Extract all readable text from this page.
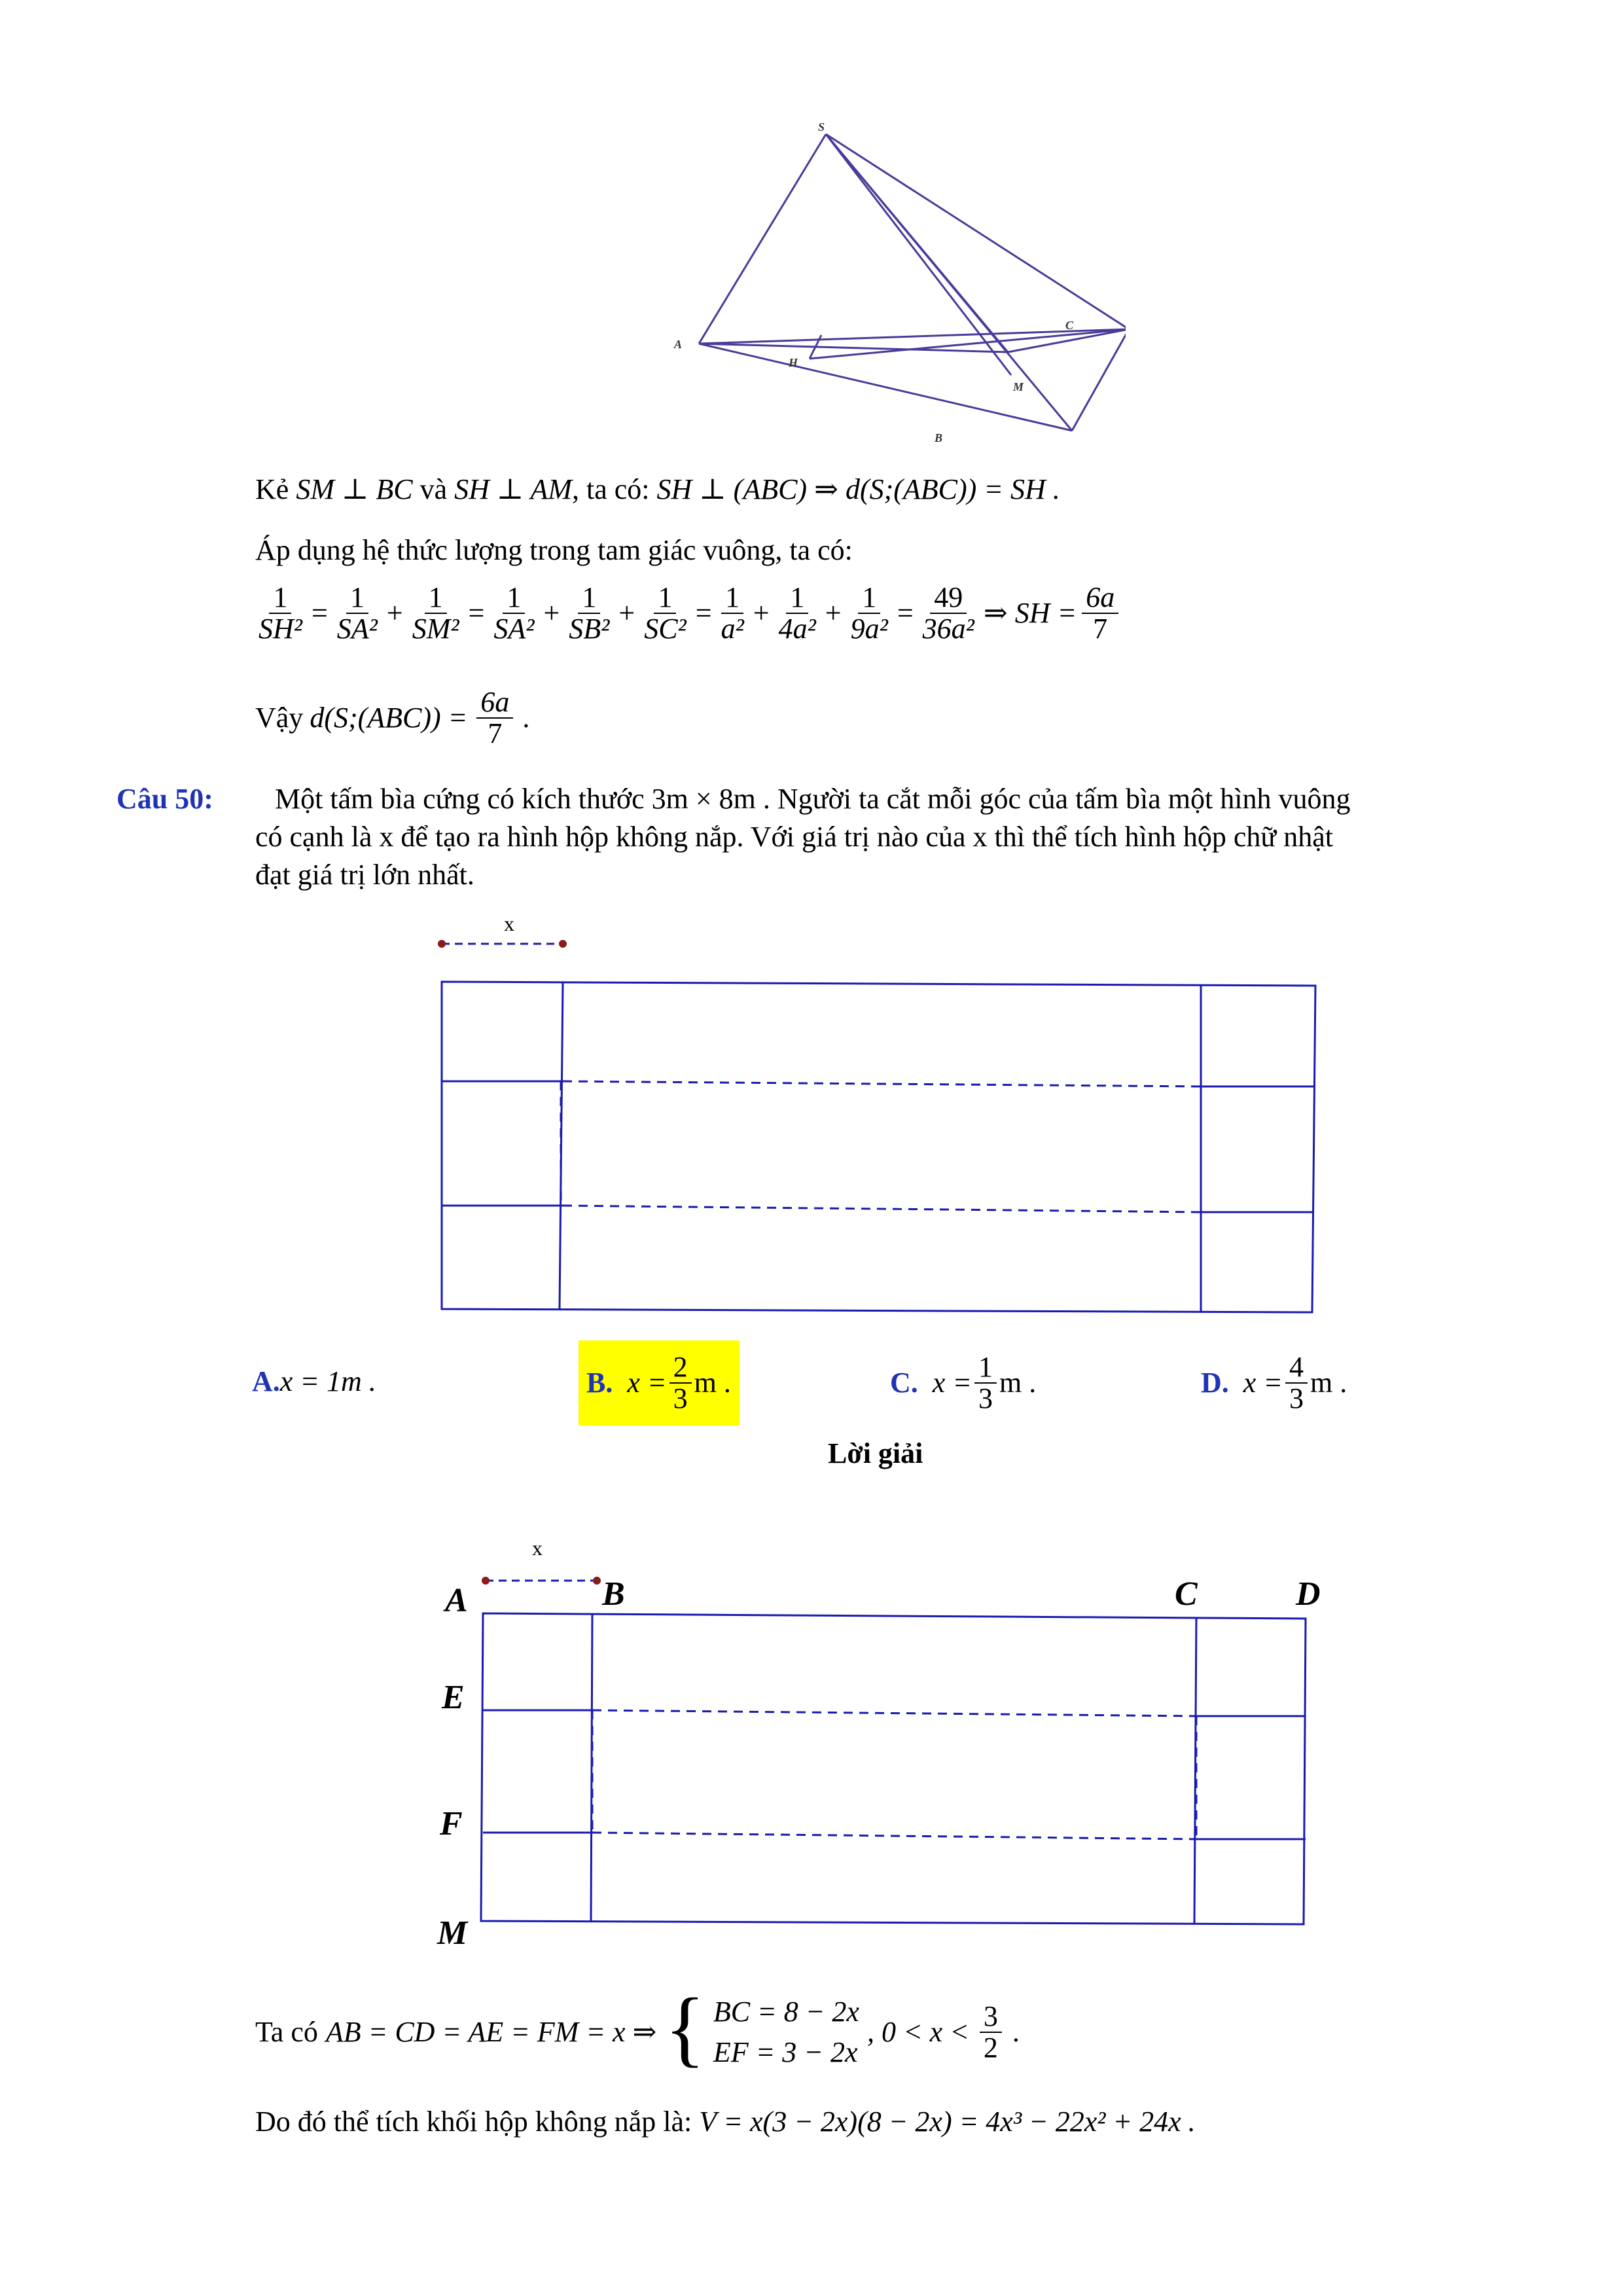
S
A
H
M
B
C
Kẻ SM ⊥ BC và SH ⊥ AM, ta có: SH ⊥ (ABC) ⇒ d(S;(ABC)) = SH .
Áp dụng hệ thức lượng trong tam giác vuông, ta có:
$\frac{1}{\text{SH²}} = \frac{1}{\text{SA²}} + \frac{1}{\text{SM²}} = \frac{1}{\text{SA²}} + \frac{1}{\text{SB²}} + \frac{1}{\text{SC²}} = \frac{1}{\text{a²}} + \frac{1}{\text{4a²}} + \frac{1}{\text{9a²}} = \frac{49}{\text{36a²}}$ ⇒ SH = $\frac{6a}{7}$
Vậy d(S;(ABC)) = $\frac{6a}{7}$ .
Câu 50: Một tấm bìa cứng có kích thước 3m × 8m . Người ta cắt mỗi góc của tấm bìa một hình vuông
có cạnh là x để tạo ra hình hộp không nắp. Với giá trị nào của x thì thể tích hình hộp chữ nhật
đạt giá trị lớn nhất.
x
A.x = 1m .	B.
$x = \frac{2}{3}$ m .	C.
$x = \frac{1}{3}$ m .	D.
$x = \frac{4}{3}$ m .
Lời giải
x
A	B	C	D
E
F
M
Ta có AB = CD = AE = FM = x ⇒ { BC = 8 − 2x
EF = 3 − 2x
, $0 < x < \frac{3}{2}$ .
Do đó thể tích khối hộp không nắp là: V = x(3 − 2x)(8 − 2x) = 4x³ − 22x² + 24x .
